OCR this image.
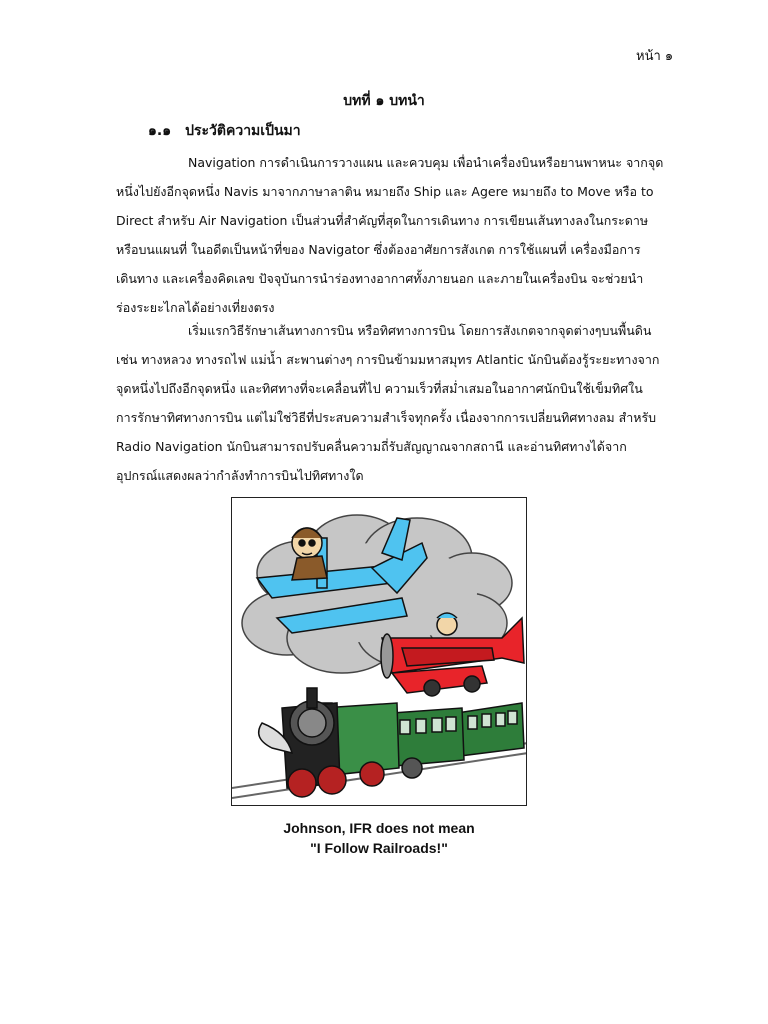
หน้า ๑
บทที่ ๑ บทนำ
๑.๑ ประวัติความเป็นมา

Navigation การดำเนินการวางแผน และควบคุม เพื่อนำเครื่องบินหรือยานพาหนะ จากจุด
หนึ่งไปยังอีกจุดหนึ่ง Navis มาจากภาษาลาติน หมายถึง Ship และ Agere หมายถึง to Move หรือ to
Direct สำหรับ Air Navigation เป็นส่วนที่สำคัญที่สุดในการเดินทาง การเขียนเส้นทางลงในกระดาษ
หรือบนแผนที่ ในอดีตเป็นหน้าที่ของ Navigator ซึ่งต้องอาศัยการสังเกต การใช้แผนที่ เครื่องมือการ
เดินทาง และเครื่องคิดเลข ปัจจุบันการนำร่องทางอากาศทั้งภายนอก และภายในเครื่องบิน จะช่วยนำ
ร่องระยะไกลได้อย่างเที่ยงตรง

เริ่มแรกวิธีรักษาเส้นทางการบิน หรือทิศทางการบิน โดยการสังเกตจากจุดต่างๆบนพื้นดิน
เช่น ทางหลวง ทางรถไฟ แม่น้ำ สะพานต่างๆ การบินข้ามมหาสมุทร Atlantic นักบินต้องรู้ระยะทางจาก
จุดหนึ่งไปถึงอีกจุดหนึ่ง และทิศทางที่จะเคลื่อนที่ไป ความเร็วที่สม่ำเสมอในอากาศนักบินใช้เข็มทิศใน
การรักษาทิศทางการบิน แต่ไม่ใช่วิธีที่ประสบความสำเร็จทุกครั้ง เนื่องจากการเปลี่ยนทิศทางลม สำหรับ
Radio Navigation นักบินสามารถปรับคลื่นความถี่รับสัญญาณจากสถานี และอ่านทิศทางได้จาก
อุปกรณ์แสดงผลว่ากำลังทำการบินไปทิศทางใด

Johnson, IFR does not mean
"I Follow Railroads!"
